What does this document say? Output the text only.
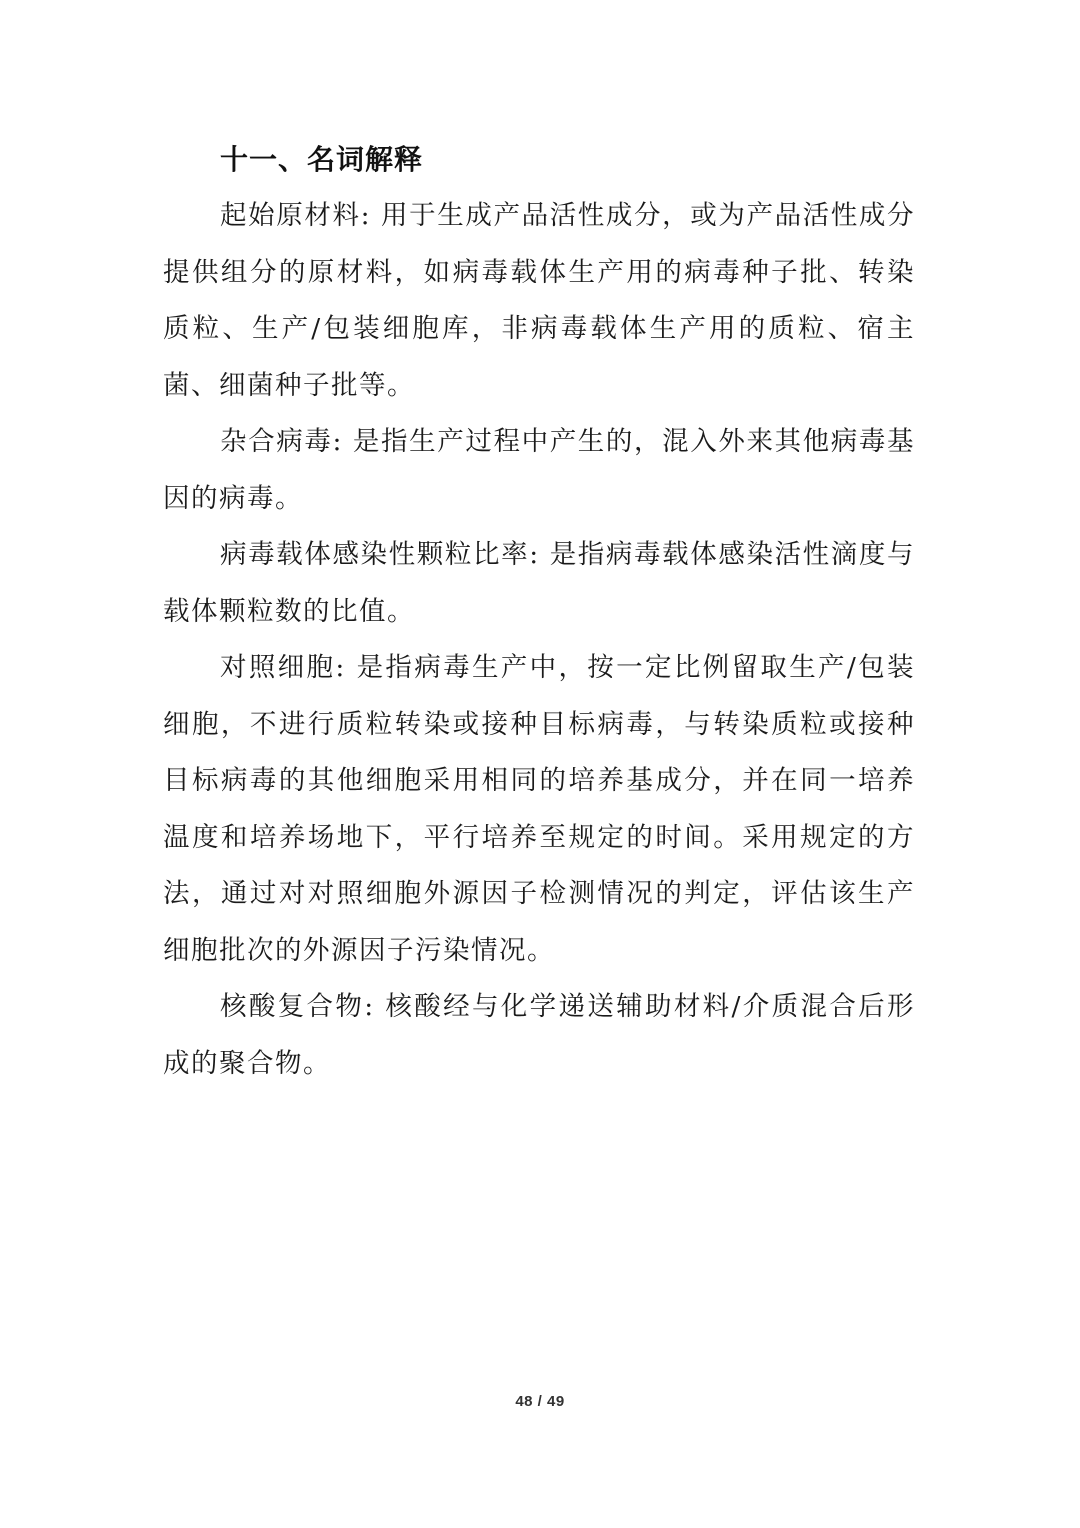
十一、名词解释

起始原材料: 用于生成产品活性成分，或为产品活性成分提供组分的原材料，如病毒载体生产用的病毒种子批、转染质粒、生产/包装细胞库，非病毒载体生产用的质粒、宿主菌、细菌种子批等。

杂合病毒: 是指生产过程中产生的，混入外来其他病毒基因的病毒。

病毒载体感染性颗粒比率: 是指病毒载体感染活性滴度与载体颗粒数的比值。

对照细胞: 是指病毒生产中，按一定比例留取生产/包装细胞，不进行质粒转染或接种目标病毒，与转染质粒或接种目标病毒的其他细胞采用相同的培养基成分，并在同一培养温度和培养场地下，平行培养至规定的时间。采用规定的方法，通过对对照细胞外源因子检测情况的判定，评估该生产细胞批次的外源因子污染情况。

核酸复合物: 核酸经与化学递送辅助材料/介质混合后形成的聚合物。

48 / 49
